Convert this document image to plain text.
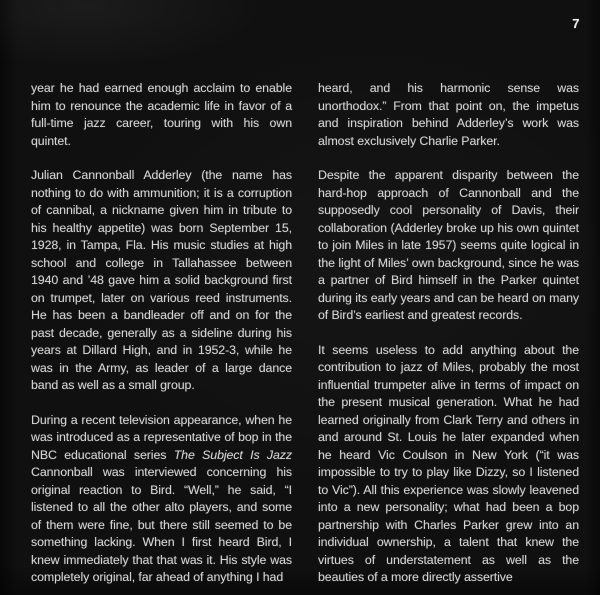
7

year he had earned enough acclaim to enable him to renounce the academic life in favor of a full-time jazz career, touring with his own quintet.

Julian Cannonball Adderley (the name has nothing to do with ammunition; it is a corruption of cannibal, a nickname given him in tribute to his healthy appetite) was born September 15, 1928, in Tampa, Fla. His music studies at high school and college in Tallahassee between 1940 and ’48 gave him a solid background first on trumpet, later on various reed instruments. He has been a bandleader off and on for the past decade, generally as a sideline during his years at Dillard High, and in 1952-3, while he was in the Army, as leader of a large dance band as well as a small group.

During a recent television appearance, when he was introduced as a representative of bop in the NBC educational series The Subject Is Jazz Cannonball was interviewed concerning his original reaction to Bird. “Well,” he said, “I listened to all the other alto players, and some of them were fine, but there still seemed to be something lacking. When I first heard Bird, I knew immediately that that was it. His style was completely original, far ahead of anything I had

heard, and his harmonic sense was unorthodox.” From that point on, the impetus and inspiration behind Adderley’s work was almost exclusively Charlie Parker.

Despite the apparent disparity between the hard-hop approach of Cannonball and the supposedly cool personality of Davis, their collaboration (Adderley broke up his own quintet to join Miles in late 1957) seems quite logical in the light of Miles’ own background, since he was a partner of Bird himself in the Parker quintet during its early years and can be heard on many of Bird’s earliest and greatest records.

It seems useless to add anything about the contribution to jazz of Miles, probably the most influential trumpeter alive in terms of impact on the present musical generation. What he had learned originally from Clark Terry and others in and around St. Louis he later expanded when he heard Vic Coulson in New York (“it was impossible to try to play like Dizzy, so I listened to Vic”). All this experience was slowly leavened into a new personality; what had been a bop partnership with Charles Parker grew into an individual ownership, a talent that knew the virtues of understatement as well as the beauties of a more directly assertive
